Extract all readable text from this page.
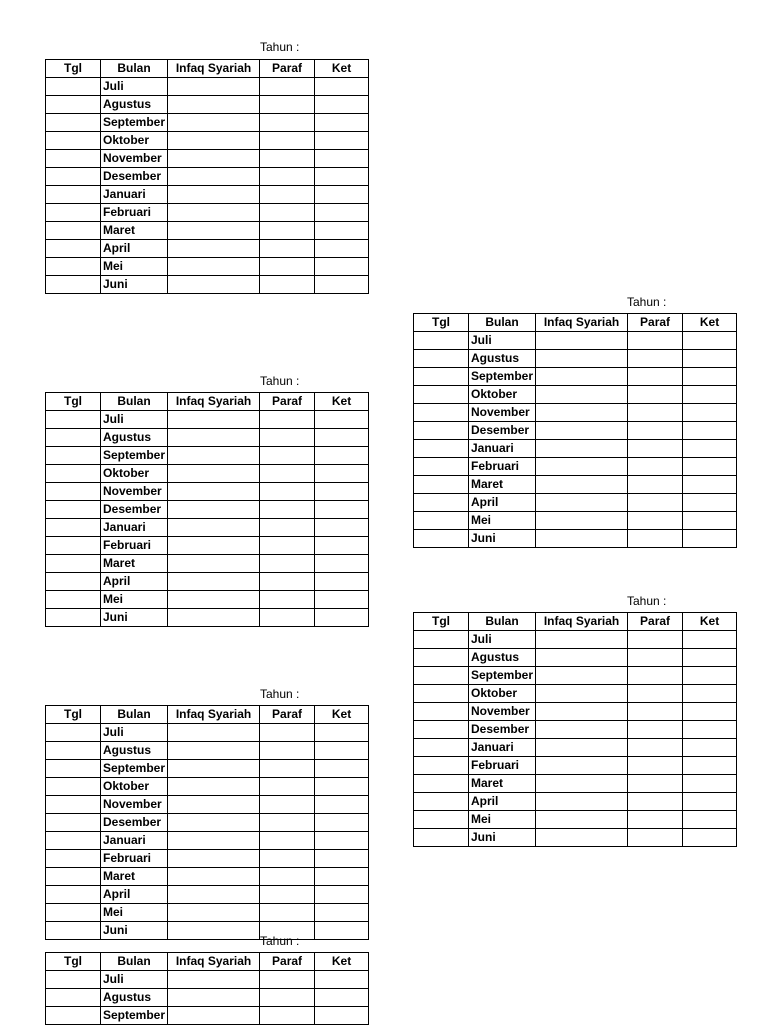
Tahun :
Tgl	Bulan	Infaq Syariah	Paraf	Ket
	Juli			
	Agustus			
	September			
	Oktober			
	November			
	Desember			
	Januari			
	Februari			
	Maret			
	April			
	Mei			
	Juni			
Tahun :
Tgl	Bulan	Infaq Syariah	Paraf	Ket
	Juli			
	Agustus			
	September			
	Oktober			
	November			
	Desember			
	Januari			
	Februari			
	Maret			
	April			
	Mei			
	Juni			
Tahun :
Tgl	Bulan	Infaq Syariah	Paraf	Ket
	Juli			
	Agustus			
	September			
	Oktober			
	November			
	Desember			
	Januari			
	Februari			
	Maret			
	April			
	Mei			
	Juni			
Tahun :
Tgl	Bulan	Infaq Syariah	Paraf	Ket
	Juli			
	Agustus			
	September			
	Oktober			
	November			
	Desember			
	Januari			
	Februari			
	Maret			
	April			
	Mei			
	Juni			
Tahun :
Tgl	Bulan	Infaq Syariah	Paraf	Ket
	Juli			
	Agustus			
	September			
	Oktober			
	November			
	Desember			
	Januari			
	Februari			
	Maret			
	April			
	Mei			
	Juni			
Tahun :
Tgl	Bulan	Infaq Syariah	Paraf	Ket
	Juli			
	Agustus			
	September			
